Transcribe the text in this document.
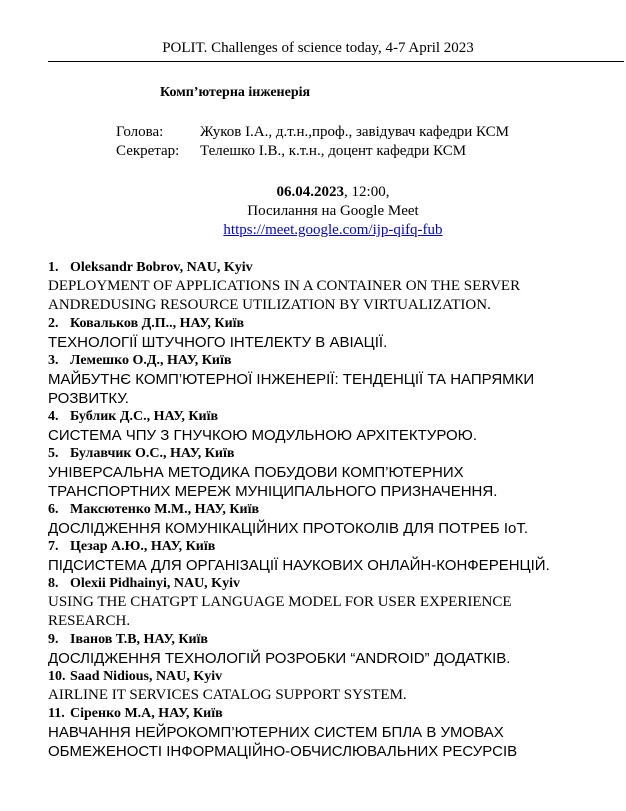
POLIT. Challenges of science today, 4-7 April 2023
Комп’ютерна інженерія
Голова: Жуков І.А., д.т.н.,проф., завідувач кафедри КСМ
Секретар: Телешко І.В., к.т.н., доцент кафедри КСМ
06.04.2023, 12:00,
Посилання на Google Meet
https://meet.google.com/ijp-qifq-fub
1. Oleksandr Bobrov, NAU, Kyiv
DEPLOYMENT OF APPLICATIONS IN A CONTAINER ON THE SERVER
ANDREDUSING RESOURCE UTILIZATION BY VIRTUALIZATION.
2. Ковальков Д.П.., НАУ, Київ
ТЕХНОЛОГІЇ ШТУЧНОГО ІНТЕЛЕКТУ В АВІАЦІЇ.
3. Лемешко О.Д., НАУ, Київ
МАЙБУТНЄ КОМП’ЮТЕРНОЇ ІНЖЕНЕРІЇ: ТЕНДЕНЦІЇ ТА НАПРЯМКИ
РОЗВИТКУ.
4. Бублик Д.С., НАУ, Київ
СИСТЕМА ЧПУ З ГНУЧКОЮ МОДУЛЬНОЮ АРХІТЕКТУРОЮ.
5. Булавчик О.С., НАУ, Київ
УНІВЕРСАЛЬНА МЕТОДИКА ПОБУДОВИ КОМП’ЮТЕРНИХ
ТРАНСПОРТНИХ МЕРЕЖ МУНІЦИПАЛЬНОГО ПРИЗНАЧЕННЯ.
6. Максютенко М.М., НАУ, Київ
ДОСЛІДЖЕННЯ КОМУНІКАЦІЙНИХ ПРОТОКОЛІВ ДЛЯ ПОТРЕБ IoT.
7. Цезар А.Ю., НАУ, Київ
ПІДСИСТЕМА ДЛЯ ОРГАНІЗАЦІЇ НАУКОВИХ ОНЛАЙН-КОНФЕРЕНЦІЙ.
8. Olexii Pidhainyi, NAU, Kyiv
USING THE CHATGPT LANGUAGE MODEL FOR USER EXPERIENCE
RESEARCH.
9. Іванов Т.В, НАУ, Київ
ДОСЛІДЖЕННЯ ТЕХНОЛОГІЙ РОЗРОБКИ “ANDROID” ДОДАТКІВ.
10. Saad Nidious, NAU, Kyiv
AIRLINE IT SERVICES CATALOG SUPPORT SYSTEM.
11. Сіренко М.А, НАУ, Київ
НАВЧАННЯ НЕЙРОКОМП’ЮТЕРНИХ СИСТЕМ БПЛА В УМОВАХ
ОБМЕЖЕНОСТІ ІНФОРМАЦІЙНО-ОБЧИСЛЮВАЛЬНИХ РЕСУРСІВ
